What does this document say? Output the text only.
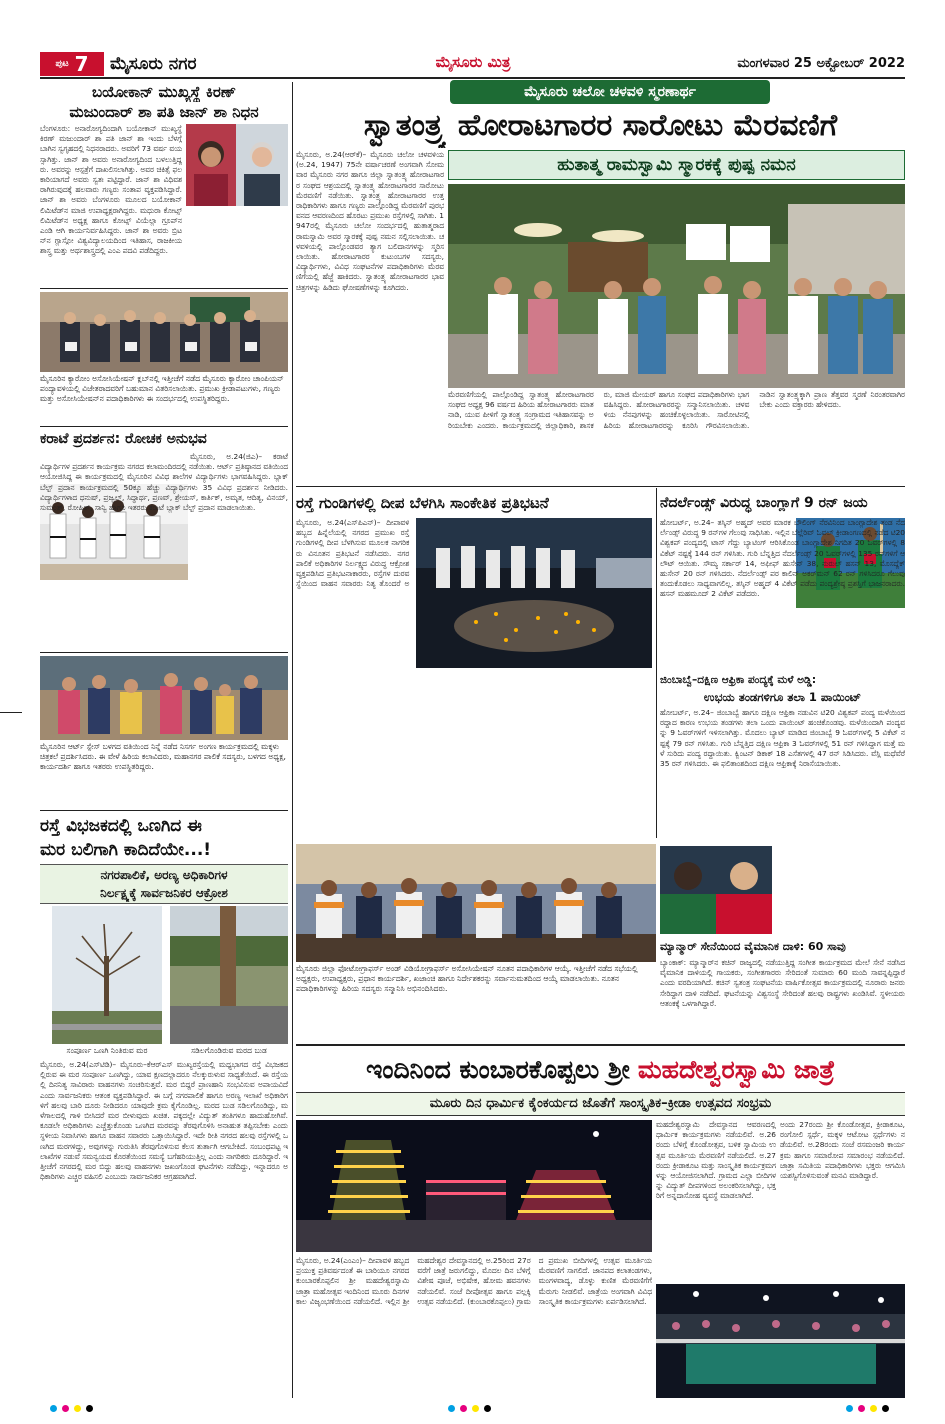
ಪುಟ 7 ಮೈಸೂರು ನಗರ	ಮೈಸೂರು ಮಿತ್ರ	ಮಂಗಳವಾರ 25 ಅಕ್ಟೋಬರ್ 2022
ಬಯೋಕಾನ್ ಮುಖ್ಯಸ್ಥೆ ಕಿರಣ್
ಮಜುಂದಾರ್ ಶಾ ಪತಿ ಜಾನ್ ಶಾ ನಿಧನ
ಬೆಂಗಳೂರು: ಅನಾರೋಗ್ಯದಿಂದಾಗಿ ಬಯೋಕಾನ್ ಮುಖ್ಯಸ್ಥೆ ಕಿರಣ್ ಮಜುಂದಾರ್ ಶಾ ಪತಿ ಜಾನ್ ಶಾ ಇಂದು ಬೆಳಗ್ಗೆ ಬಾಗಿನ ಸ್ವಗೃಹದಲ್ಲಿ ನಿಧನರಾದರು. ಅವರಿಗೆ 73 ವರ್ಷ ವಯಸ್ಸಾಗಿತ್ತು. ಜಾನ್ ಶಾ ಅವರು ಅನಾರೋಗ್ಯದಿಂದ ಬಳಲುತ್ತಿದ್ದರು. ಅವರನ್ನು ಆಸ್ಪತ್ರೆಗೆ ದಾಖಲಿಸಲಾಗಿತ್ತು. ಅವರ ಚಿಕಿತ್ಸೆ ಫಲಕಾರಿಯಾಗದೆ ಅವರು ಸ್ವತಃ ಪಟ್ಟಿದ್ದಾರೆ. ಜಾನ್ ಶಾ ವಿಧಿವಶರಾಗಿರುವುದಕ್ಕೆ ಹಲವಾರು ಗಣ್ಯರು ಸಂತಾಪ ವ್ಯಕ್ತಪಡಿಸಿದ್ದಾರೆ. ಜಾನ್ ಶಾ ಅವರು ಬೆಂಗಳೂರು ಮೂಲದ ಬಯೋಕಾನ್ ಲಿಮಿಟೆಡ್‌ನ ಮಾಜಿ ಉಪಾಧ್ಯಕ್ಷರಾಗಿದ್ದರು. ಮಧುರಾ ಕೋಟ್ಸ್ ಲಿಮಿಟೆಡ್‌ನ ಅಧ್ಯಕ್ಷ ಹಾಗೂ ಕೋಟ್ಸ್ ವಿಯೆಲ್ಲಾ ಗ್ರೂಪ್‌ನ ಎಂಡಿ ಆಗಿ ಕಾರ್ಯನಿರ್ವಹಿಸಿದ್ದರು. ಜಾನ್ ಶಾ ಅವರು ಬ್ರಿಟನ್‌ನ ಗ್ಲಾಸ್ಗೋ ವಿಶ್ವವಿದ್ಯಾಲಯದಿಂದ ಇತಿಹಾಸ, ರಾಜಕೀಯಶಾಸ್ತ್ರ ಮತ್ತು ಅರ್ಥಶಾಸ್ತ್ರದಲ್ಲಿ ಎಂಎ ಪದವಿ ಪಡೆದಿದ್ದರು.
ಮೈಸೂರಿನ ಕ್ಯಾರೋಂ ಅಸೋಸಿಯೇಷನ್ ಕ್ಲಬ್‌ನಲ್ಲಿ ಇತ್ತೀಚೆಗೆ ನಡೆದ ಮೈಸೂರು ಕ್ಯಾರೋಂ ಚಾಂಪಿಯನ್ ಪಂದ್ಯಾವಳಿಯಲ್ಲಿ ವಿಜೇತರಾದವರಿಗೆ ಬಹುಮಾನ ವಿತರಿಸಲಾಯಿತು. ಪ್ರಮುಖ ಕ್ರೀಡಾಪಟುಗಳು, ಗಣ್ಯರು ಮತ್ತು ಅಸೋಸಿಯೇಷನ್‌ನ ಪದಾಧಿಕಾರಿಗಳು ಈ ಸಂದರ್ಭದಲ್ಲಿ ಉಪಸ್ಥಿತರಿದ್ದರು.
ಕರಾಟೆ ಪ್ರದರ್ಶನ: ರೋಚಕ ಅನುಭವ
ಮೈಸೂರು, ಅ.24(ಜಿಎ)– ಕರಾಟೆ ವಿದ್ಯಾರ್ಥಿಗಳ ಪ್ರದರ್ಶನ ಕಾರ್ಯಕ್ರಮ ನಗರದ ಕಲಾಮಂದಿರದಲ್ಲಿ ನಡೆಯಿತು. ಆರ್ಟ್ ಪ್ರತಿಷ್ಠಾನದ ವತಿಯಿಂದ ಆಯೋಜಿಸಿದ್ದ ಈ ಕಾರ್ಯಕ್ರಮದಲ್ಲಿ ಮೈಸೂರಿನ ವಿವಿಧ ಶಾಲೆಗಳ ವಿದ್ಯಾರ್ಥಿಗಳು ಭಾಗವಹಿಸಿದ್ದರು. ಬ್ಲಾಕ್ ಬೆಲ್ಟ್ ಪ್ರದಾನ ಕಾರ್ಯಕ್ರಮದಲ್ಲಿ 50ಕ್ಕೂ ಹೆಚ್ಚು ವಿದ್ಯಾರ್ಥಿಗಳು 35 ವಿವಿಧ ಪ್ರದರ್ಶನ ನೀಡಿದರು. ವಿದ್ಯಾರ್ಥಿಗಳಾದ ಧನುಷ್, ಪ್ರಜ್ವಲ್, ಸಿದ್ಧಾರ್ಥ, ಪ್ರಣವ್, ಶ್ರೇಯಸ್, ಕಾರ್ತಿಕ್, ಅಮೃತ, ಆದಿತ್ಯ, ವಿನಯ್, ಸುಮಂತ್, ರೋಹಿತ್, ಸಾನ್ವಿ ಹಾಗೂ ಇತರರು ಕರಾಟೆ ಬ್ಲಾಕ್ ಬೆಲ್ಟ್ ಪ್ರದಾನ ಮಾಡಲಾಯಿತು.
ಮೈಸೂರಿನ ಆರ್ಟ್ ಸ್ಪೇಸ್ ಬಳಗದ ವತಿಯಿಂದ ನಿನ್ನೆ ನಡೆದ ನಿಸರ್ಗ ಅಂಗಣ ಕಾರ್ಯಕ್ರಮದಲ್ಲಿ ಮಕ್ಕಳು ಚಿತ್ರಕಲೆ ಪ್ರದರ್ಶಿಸಿದರು. ಈ ವೇಳೆ ಹಿರಿಯ ಕಲಾವಿದರು, ಮಹಾನಗರ ಪಾಲಿಕೆ ಸದಸ್ಯರು, ಬಳಗದ ಅಧ್ಯಕ್ಷ, ಕಾರ್ಯದರ್ಶಿ ಹಾಗೂ ಇತರರು ಉಪಸ್ಥಿತರಿದ್ದರು.
ರಸ್ತೆ ವಿಭಜಕದಲ್ಲಿ ಒಣಗಿದ ಈ
ಮರ ಬಲಿಗಾಗಿ ಕಾದಿದೆಯೇ...!
ನಗರಪಾಲಿಕೆ, ಅರಣ್ಯ ಅಧಿಕಾರಿಗಳ
ನಿರ್ಲಕ್ಷ್ಯಕ್ಕೆ ಸಾರ್ವಜನಿಕರ ಆಕ್ರೋಶ
ಸಂಪೂರ್ಣ ಒಣಗಿ ನಿಂತಿರುವ ಮರ	ಸಡಿಲಗೊಂಡಿರುವ ಮರದ ಬುಡ
ಮೈಸೂರು, ಅ.24(ಎಸ್‌ಟಿಡಿ)– ಮೈಸೂರು–ಕೆಆರ್‌ಎಸ್ ಮುಖ್ಯರಸ್ತೆಯಲ್ಲಿ ಮಧ್ಯಭಾಗದ ರಸ್ತೆ ವಿಭಜಕದಲ್ಲಿರುವ ಈ ಮರ ಸಂಪೂರ್ಣ ಒಣಗಿದ್ದು, ಯಾವ ಕ್ಷಣದಲ್ಲಾದರೂ ನೆಲಕ್ಕುರುಳುವ ಸಾಧ್ಯತೆಯಿದೆ. ಈ ರಸ್ತೆಯಲ್ಲಿ ದಿನನಿತ್ಯ ಸಾವಿರಾರು ವಾಹನಗಳು ಸಂಚರಿಸುತ್ತವೆ. ಮರ ಬಿದ್ದರೆ ಪ್ರಾಣಹಾನಿ ಸಂಭವಿಸುವ ಅಪಾಯವಿದೆ ಎಂದು ಸಾರ್ವಜನಿಕರು ಆತಂಕ ವ್ಯಕ್ತಪಡಿಸಿದ್ದಾರೆ. ಈ ಬಗ್ಗೆ ನಗರಪಾಲಿಕೆ ಹಾಗೂ ಅರಣ್ಯ ಇಲಾಖೆ ಅಧಿಕಾರಿಗಳಿಗೆ ಹಲವು ಬಾರಿ ದೂರು ನೀಡಿದರೂ ಯಾವುದೇ ಕ್ರಮ ಕೈಗೊಂಡಿಲ್ಲ. ಮರದ ಬುಡ ಸಡಿಲಗೊಂಡಿದ್ದು, ಮಳೆಗಾಲದಲ್ಲಿ ಗಾಳಿ ಬೀಸಿದರೆ ಮರ ಬೀಳುವುದು ಖಚಿತ. ಪಕ್ಕದಲ್ಲೇ ವಿದ್ಯುತ್ ತಂತಿಗಳೂ ಹಾದುಹೋಗಿವೆ. ಕೂಡಲೇ ಅಧಿಕಾರಿಗಳು ಎಚ್ಚೆತ್ತುಕೊಂಡು ಒಣಗಿದ ಮರವನ್ನು ತೆರವುಗೊಳಿಸಿ ಅನಾಹುತ ತಪ್ಪಿಸಬೇಕು ಎಂದು ಸ್ಥಳೀಯ ನಿವಾಸಿಗಳು ಹಾಗೂ ವಾಹನ ಸವಾರರು ಒತ್ತಾಯಿಸಿದ್ದಾರೆ. ಇದೇ ರೀತಿ ನಗರದ ಹಲವು ರಸ್ತೆಗಳಲ್ಲಿ ಒಣಗಿದ ಮರಗಳಿದ್ದು, ಅವುಗಳನ್ನು ಗುರುತಿಸಿ ತೆರವುಗೊಳಿಸುವ ಕೆಲಸ ತುರ್ತಾಗಿ ಆಗಬೇಕಿದೆ. ಸಂಬಂಧಪಟ್ಟ ಇಲಾಖೆಗಳ ನಡುವೆ ಸಮನ್ವಯದ ಕೊರತೆಯಿಂದ ಸಮಸ್ಯೆ ಬಗೆಹರಿಯುತ್ತಿಲ್ಲ ಎಂದು ನಾಗರಿಕರು ದೂರಿದ್ದಾರೆ. ಇತ್ತೀಚೆಗೆ ನಗರದಲ್ಲಿ ಮರ ಬಿದ್ದು ಹಲವು ವಾಹನಗಳು ಜಖಂಗೊಂಡ ಘಟನೆಗಳು ನಡೆದಿದ್ದು, ಇನ್ನಾದರೂ ಅಧಿಕಾರಿಗಳು ಎಚ್ಚರ ವಹಿಸಲಿ ಎಂಬುದು ಸಾರ್ವಜನಿಕರ ಆಗ್ರಹವಾಗಿದೆ.
ಮೈಸೂರು ಚಲೋ ಚಳವಳಿ ಸ್ಮರಣಾರ್ಥ
ಸ್ವಾತಂತ್ರ್ಯ ಹೋರಾಟಗಾರರ ಸಾರೋಟು ಮೆರವಣಿಗೆ
ಹುತಾತ್ಮ ರಾಮಸ್ವಾಮಿ ಸ್ಮಾರಕಕ್ಕೆ ಪುಷ್ಪ ನಮನ
ಮೈಸೂರು, ಅ.24(ಆರ್‌ಕೆ)– ಮೈಸೂರು ಚಲೋ ಚಳವಳಿಯ (ಅ.24, 1947) 75ನೇ ವರ್ಷಾಚರಣೆ ಅಂಗವಾಗಿ ಸೋಮವಾರ ಮೈಸೂರು ನಗರ ಹಾಗೂ ಜಿಲ್ಲಾ ಸ್ವಾತಂತ್ರ್ಯ ಹೋರಾಟಗಾರರ ಸಂಘದ ಆಶ್ರಯದಲ್ಲಿ ಸ್ವಾತಂತ್ರ್ಯ ಹೋರಾಟಗಾರರ ಸಾರೋಟು ಮೆರವಣಿಗೆ ನಡೆಯಿತು. ಸ್ವಾತಂತ್ರ್ಯ ಹೋರಾಟಗಾರರ ಉತ್ತರಾಧಿಕಾರಿಗಳು ಹಾಗೂ ಗಣ್ಯರು ಪಾಲ್ಗೊಂಡಿದ್ದ ಮೆರವಣಿಗೆ ಪುರಭವನದ ಆವರಣದಿಂದ ಹೊರಟು ಪ್ರಮುಖ ರಸ್ತೆಗಳಲ್ಲಿ ಸಾಗಿತು. 1947ರಲ್ಲಿ ಮೈಸೂರು ಚಲೋ ಸಂದರ್ಭದಲ್ಲಿ ಹುತಾತ್ಮರಾದ ರಾಮಸ್ವಾಮಿ ಅವರ ಸ್ಮಾರಕಕ್ಕೆ ಪುಷ್ಪ ನಮನ ಸಲ್ಲಿಸಲಾಯಿತು. ಚಳವಳಿಯಲ್ಲಿ ಪಾಲ್ಗೊಂಡವರ ತ್ಯಾಗ ಬಲಿದಾನಗಳನ್ನು ಸ್ಮರಿಸಲಾಯಿತು. ಹೋರಾಟಗಾರರ ಕುಟುಂಬಗಳ ಸದಸ್ಯರು, ವಿದ್ಯಾರ್ಥಿಗಳು, ವಿವಿಧ ಸಂಘಟನೆಗಳ ಪದಾಧಿಕಾರಿಗಳು ಮೆರವಣಿಗೆಯಲ್ಲಿ ಹೆಜ್ಜೆ ಹಾಕಿದರು. ಸ್ವಾತಂತ್ರ್ಯ ಹೋರಾಟಗಾರರ ಭಾವಚಿತ್ರಗಳನ್ನು ಹಿಡಿದು ಘೋಷಣೆಗಳನ್ನು ಕೂಗಿದರು.
ಮೆರವಣಿಗೆಯಲ್ಲಿ ಪಾಲ್ಗೊಂಡಿದ್ದ ಸ್ವಾತಂತ್ರ್ಯ ಹೋರಾಟಗಾರರ ಸಂಘದ ಅಧ್ಯಕ್ಷ 96 ವರ್ಷದ ಹಿರಿಯ ಹೋರಾಟಗಾರರು ಮಾತನಾಡಿ, ಯುವ ಪೀಳಿಗೆ ಸ್ವಾತಂತ್ರ್ಯ ಸಂಗ್ರಾಮದ ಇತಿಹಾಸವನ್ನು ಅರಿಯಬೇಕು ಎಂದರು. ಕಾರ್ಯಕ್ರಮದಲ್ಲಿ ಜಿಲ್ಲಾಧಿಕಾರಿ, ಶಾಸಕರು, ಮಾಜಿ ಮೇಯರ್ ಹಾಗೂ ಸಂಘದ ಪದಾಧಿಕಾರಿಗಳು ಭಾಗವಹಿಸಿದ್ದರು. ಹೋರಾಟಗಾರರನ್ನು ಸನ್ಮಾನಿಸಲಾಯಿತು. ಚಳವಳಿಯ ನೆನಪುಗಳನ್ನು ಹಂಚಿಕೊಳ್ಳಲಾಯಿತು. ಸಾರೋಟಿನಲ್ಲಿ ಹಿರಿಯ ಹೋರಾಟಗಾರರನ್ನು ಕೂರಿಸಿ ಗೌರವಿಸಲಾಯಿತು. ನಾಡಿನ ಸ್ವಾತಂತ್ರ್ಯಕ್ಕಾಗಿ ಪ್ರಾಣ ತೆತ್ತವರ ಸ್ಮರಣೆ ನಿರಂತರವಾಗಿರಬೇಕು ಎಂದು ವಕ್ತಾರರು ಹೇಳಿದರು.
ರಸ್ತೆ ಗುಂಡಿಗಳಲ್ಲಿ ದೀಪ ಬೆಳಗಿಸಿ ಸಾಂಕೇತಿಕ ಪ್ರತಿಭಟನೆ
ಮೈಸೂರು, ಅ.24(ಎಸ್‌ಪಿಎನ್)– ದೀಪಾವಳಿ ಹಬ್ಬದ ಹಿನ್ನೆಲೆಯಲ್ಲಿ ನಗರದ ಪ್ರಮುಖ ರಸ್ತೆ ಗುಂಡಿಗಳಲ್ಲಿ ದೀಪ ಬೆಳಗಿಸುವ ಮೂಲಕ ನಾಗರಿಕರು ವಿನೂತನ ಪ್ರತಿಭಟನೆ ನಡೆಸಿದರು. ನಗರ ಪಾಲಿಕೆ ಅಧಿಕಾರಿಗಳ ನಿರ್ಲಕ್ಷ್ಯದ ವಿರುದ್ಧ ಆಕ್ರೋಶ ವ್ಯಕ್ತಪಡಿಸಿದ ಪ್ರತಿಭಟನಾಕಾರರು, ರಸ್ತೆಗಳ ದುರವಸ್ಥೆಯಿಂದ ವಾಹನ ಸವಾರರು ನಿತ್ಯ ತೊಂದರೆ ಅ
ನೆದರ್ಲೆಂಡ್ಸ್ ವಿರುದ್ಧ ಬಾಂಗ್ಲಾಗೆ 9 ರನ್ ಜಯ
ಹೋಬರ್ಟ್, ಅ.24– ತಸ್ಕಿನ್ ಅಹ್ಮದ್ ಅವರ ಮಾರಕ ಬೌಲಿಂಗ್ ನೆರವಿನಿಂದ ಬಾಂಗ್ಲಾದೇಶ ತಂಡ ನೆದರ್ಲೆಂಡ್ಸ್ ವಿರುದ್ಧ 9 ರನ್‌ಗಳ ಗೆಲುವು ಸಾಧಿಸಿತು. ಇಲ್ಲಿನ ಬೆಲ್ಲೆರಿವ್ ಓವಲ್ ಕ್ರೀಡಾಂಗಣದಲ್ಲಿ ನಡೆದ ಟಿ20 ವಿಶ್ವಕಪ್ ಪಂದ್ಯದಲ್ಲಿ ಟಾಸ್ ಗೆದ್ದು ಬ್ಯಾಟಿಂಗ್ ಆರಿಸಿಕೊಂಡ ಬಾಂಗ್ಲಾದೇಶ ನಿಗದಿತ 20 ಓವರ್‌ಗಳಲ್ಲಿ 8 ವಿಕೆಟ್ ನಷ್ಟಕ್ಕೆ 144 ರನ್ ಗಳಿಸಿತು. ಗುರಿ ಬೆನ್ನತ್ತಿದ ನೆದರ್ಲೆಂಡ್ಸ್ 20 ಓವರ್‌ಗಳಲ್ಲಿ 135 ರನ್‌ಗಳಿಗೆ ಆಲೌಟ್ ಆಯಿತು. ಸೌಮ್ಯ ಸರ್ಕಾರ್ 14, ಅಫೀಫ್ ಹುಸೇನ್ 38, ನುರುಲ್ ಹಸನ್ 13, ಮೊಸದ್ದೆಕ್ ಹುಸೇನ್ 20 ರನ್ ಗಳಿಸಿದರು. ನೆದರ್ಲೆಂಡ್ಸ್ ಪರ ಕಾಲಿನ್ ಅಕರ್‌ಮನ್ 62 ರನ್ ಗಳಿಸಿದರೂ ಗೆಲುವು ತಂದುಕೊಡಲು ಸಾಧ್ಯವಾಗಲಿಲ್ಲ. ತಸ್ಕಿನ್ ಅಹ್ಮದ್ 4 ವಿಕೆಟ್ ಪಡೆದು ಪಂದ್ಯಶ್ರೇಷ್ಠ ಪ್ರಶಸ್ತಿಗೆ ಭಾಜನರಾದರು. ಹಸನ್ ಮಹಮೂದ್ 2 ವಿಕೆಟ್ ಪಡೆದರು.
ಜಿಂಬಾಬ್ವೆ–ದಕ್ಷಿಣ ಆಫ್ರಿಕಾ ಪಂದ್ಯಕ್ಕೆ ಮಳೆ ಅಡ್ಡಿ:
ಉಭಯ ತಂಡಗಳಿಗೂ ತಲಾ 1 ಪಾಯಿಂಟ್
ಹೋಬರ್ಟ್, ಅ.24– ಜಿಂಬಾಬ್ವೆ ಹಾಗೂ ದಕ್ಷಿಣ ಆಫ್ರಿಕಾ ನಡುವಿನ ಟಿ20 ವಿಶ್ವಕಪ್ ಪಂದ್ಯ ಮಳೆಯಿಂದ ರದ್ದಾದ ಕಾರಣ ಉಭಯ ತಂಡಗಳು ತಲಾ ಒಂದು ಪಾಯಿಂಟ್ ಹಂಚಿಕೊಂಡವು. ಮಳೆಯಿಂದಾಗಿ ಪಂದ್ಯವನ್ನು 9 ಓವರ್‌ಗಳಿಗೆ ಇಳಿಸಲಾಗಿತ್ತು. ಮೊದಲು ಬ್ಯಾಟ್ ಮಾಡಿದ ಜಿಂಬಾಬ್ವೆ 9 ಓವರ್‌ಗಳಲ್ಲಿ 5 ವಿಕೆಟ್ ನಷ್ಟಕ್ಕೆ 79 ರನ್ ಗಳಿಸಿತು. ಗುರಿ ಬೆನ್ನತ್ತಿದ ದಕ್ಷಿಣ ಆಫ್ರಿಕಾ 3 ಓವರ್‌ಗಳಲ್ಲಿ 51 ರನ್ ಗಳಿಸಿದ್ದಾಗ ಮತ್ತೆ ಮಳೆ ಸುರಿದು ಪಂದ್ಯ ರದ್ದಾಯಿತು. ಕ್ವಿಂಟನ್ ಡಿಕಾಕ್ 18 ಎಸೆತಗಳಲ್ಲಿ 47 ರನ್ ಸಿಡಿಸಿದರು. ವೆಸ್ಲಿ ಮಧೆವೆರೆ 35 ರನ್ ಗಳಿಸಿದರು. ಈ ಫಲಿತಾಂಶದಿಂದ ದಕ್ಷಿಣ ಆಫ್ರಿಕಾಕ್ಕೆ ನಿರಾಸೆಯಾಯಿತು.
ಮ್ಯಾನ್ಮಾರ್ ಸೇನೆಯಿಂದ ವೈಮಾನಿಕ ದಾಳಿ: 60 ಸಾವು
ಬ್ಯಾಂಕಾಕ್: ಮ್ಯಾನ್ಮಾರ್‌ನ ಕಚಿನ್ ರಾಜ್ಯದಲ್ಲಿ ನಡೆಯುತ್ತಿದ್ದ ಸಂಗೀತ ಕಾರ್ಯಕ್ರಮದ ಮೇಲೆ ಸೇನೆ ನಡೆಸಿದ ವೈಮಾನಿಕ ದಾಳಿಯಲ್ಲಿ ಗಾಯಕರು, ಸಂಗೀತಗಾರರು ಸೇರಿದಂತೆ ಸುಮಾರು 60 ಮಂದಿ ಸಾವನ್ನಪ್ಪಿದ್ದಾರೆ ಎಂದು ವರದಿಯಾಗಿದೆ. ಕಚಿನ್ ಸ್ವತಂತ್ರ ಸಂಘಟನೆಯ ವಾರ್ಷಿಕೋತ್ಸವ ಕಾರ್ಯಕ್ರಮದಲ್ಲಿ ನೂರಾರು ಜನರು ಸೇರಿದ್ದಾಗ ದಾಳಿ ನಡೆದಿದೆ. ಘಟನೆಯನ್ನು ವಿಶ್ವಸಂಸ್ಥೆ ಸೇರಿದಂತೆ ಹಲವು ರಾಷ್ಟ್ರಗಳು ಖಂಡಿಸಿವೆ. ಸ್ಥಳೀಯರು ಆತಂಕಕ್ಕೆ ಒಳಗಾಗಿದ್ದಾರೆ.
ಮೈಸೂರು ಜಿಲ್ಲಾ ಫೋಟೋಗ್ರಾಫರ್ಸ್ ಅಂಡ್ ವಿಡಿಯೋಗ್ರಾಫರ್ಸ್ ಅಸೋಸಿಯೇಷನ್ ನೂತನ ಪದಾಧಿಕಾರಿಗಳ ಆಯ್ಕೆ. ಇತ್ತೀಚೆಗೆ ನಡೆದ ಸಭೆಯಲ್ಲಿ ಅಧ್ಯಕ್ಷರು, ಉಪಾಧ್ಯಕ್ಷರು, ಪ್ರಧಾನ ಕಾರ್ಯದರ್ಶಿ, ಖಜಾಂಚಿ ಹಾಗೂ ನಿರ್ದೇಶಕರನ್ನು ಸರ್ವಾನುಮತದಿಂದ ಆಯ್ಕೆ ಮಾಡಲಾಯಿತು. ನೂತನ ಪದಾಧಿಕಾರಿಗಳನ್ನು ಹಿರಿಯ ಸದಸ್ಯರು ಸನ್ಮಾನಿಸಿ ಅಭಿನಂದಿಸಿದರು.
ಇಂದಿನಿಂದ ಕುಂಬಾರಕೊಪ್ಪಲು ಶ್ರೀ ಮಹದೇಶ್ವರಸ್ವಾಮಿ ಜಾತ್ರೆ
ಮೂರು ದಿನ ಧಾರ್ಮಿಕ ಕೈಂಕರ್ಯದ ಜೊತೆಗೆ ಸಾಂಸ್ಕೃತಿಕ–ಕ್ರೀಡಾ ಉತ್ಸವದ ಸಂಭ್ರಮ
ಮಹದೇಶ್ವರಸ್ವಾಮಿ ದೇವಸ್ಥಾನದ ಆವರಣದಲ್ಲಿ ಧಾರ್ಮಿಕ ಕಾರ್ಯಕ್ರಮಗಳು ನಡೆಯಲಿವೆ. ಅ.26ರಂದು ಬೆಳಿಗ್ಗೆ ಕೊಂಡೋತ್ಸವ, ಬಳಿಕ ಸ್ವಾಮಿಯ ಉತ್ಸವ ಮೂರ್ತಿಯ ಮೆರವಣಿಗೆ ನಡೆಯಲಿದೆ. ಅ.27ರಂದು ಕ್ರೀಡಾಕೂಟ ಮತ್ತು ಸಾಂಸ್ಕೃತಿಕ ಕಾರ್ಯಕ್ರಮಗಳನ್ನು ಆಯೋಜಿಸಲಾಗಿದೆ. ಗ್ರಾಮದ ಎಲ್ಲಾ ಬೀದಿಗಳನ್ನು ವಿದ್ಯುತ್ ದೀಪಗಳಿಂದ ಅಲಂಕರಿಸಲಾಗಿದ್ದು, ಭಕ್ತರಿಗೆ ಅನ್ನದಾಸೋಹ ವ್ಯವಸ್ಥೆ ಮಾಡಲಾಗಿದೆ.
ಅಂದು 27ರಂದು ಶ್ರೀ ಕೊಂಡೋತ್ಸವ, ಕ್ರೀಡಾಕೂಟ, ರಂಗೋಲಿ ಸ್ಪರ್ಧೆ, ಮಕ್ಕಳ ಆಟೋಟ ಸ್ಪರ್ಧೆಗಳು ನಡೆಯಲಿವೆ. ಅ.28ರಂದು ಸಂಜೆ ರಸಮಂಜರಿ ಕಾರ್ಯಕ್ರಮ ಹಾಗೂ ಸಮಾರೋಪ ಸಮಾರಂಭ ನಡೆಯಲಿದೆ. ಜಾತ್ರಾ ಸಮಿತಿಯ ಪದಾಧಿಕಾರಿಗಳು ಭಕ್ತರು ಆಗಮಿಸಿ ಯಶಸ್ವಿಗೊಳಿಸುವಂತೆ ಮನವಿ ಮಾಡಿದ್ದಾರೆ.
ಮೈಸೂರು, ಅ.24(ಎಂಎಂ)– ದೀಪಾವಳಿ ಹಬ್ಬದ ಪ್ರಯುಕ್ತ ಪ್ರತಿವರ್ಷದಂತೆ ಈ ಬಾರಿಯೂ ನಗರದ ಕುಂಬಾರಕೊಪ್ಪಲಿನ ಶ್ರೀ ಮಹದೇಶ್ವರಸ್ವಾಮಿ ಜಾತ್ರಾ ಮಹೋತ್ಸವ ಇಂದಿನಿಂದ ಮೂರು ದಿನಗಳ ಕಾಲ ವಿಜೃಂಭಣೆಯಿಂದ ನಡೆಯಲಿದೆ. ಇಲ್ಲಿನ ಶ್ರೀ ಮಹದೇಶ್ವರ ದೇವಸ್ಥಾನದಲ್ಲಿ ಅ.25ರಿಂದ 27ರವರೆಗೆ ಜಾತ್ರೆ ಜರುಗಲಿದ್ದು, ಮೊದಲ ದಿನ ಬೆಳಿಗ್ಗೆ ವಿಶೇಷ ಪೂಜೆ, ಅಭಿಷೇಕ, ಹೋಮ ಹವನಗಳು ನಡೆಯಲಿವೆ. ಸಂಜೆ ದೀಪೋತ್ಸವ ಹಾಗೂ ಪಲ್ಲಕ್ಕಿ ಉತ್ಸವ ನಡೆಯಲಿದೆ. (ಕುಂಬಾರಕೊಪ್ಪಲು) ಗ್ರಾಮದ ಪ್ರಮುಖ ಬೀದಿಗಳಲ್ಲಿ ಉತ್ಸವ ಮೂರ್ತಿಯ ಮೆರವಣಿಗೆ ಸಾಗಲಿದೆ. ಜಾನಪದ ಕಲಾತಂಡಗಳು, ಮಂಗಳವಾದ್ಯ, ಡೊಳ್ಳು ಕುಣಿತ ಮೆರವಣಿಗೆಗೆ ಮೆರುಗು ನೀಡಲಿವೆ. ಜಾತ್ರೆಯ ಅಂಗವಾಗಿ ವಿವಿಧ ಸಾಂಸ್ಕೃತಿಕ ಕಾರ್ಯಕ್ರಮಗಳು ಏರ್ಪಡಿಸಲಾಗಿದೆ.
